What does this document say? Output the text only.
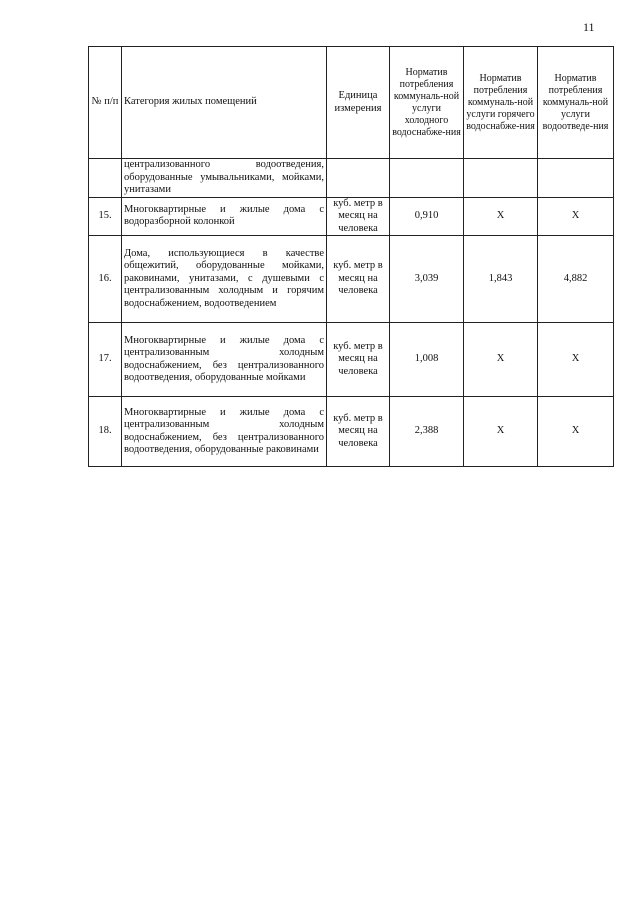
11
№ п/п	Категория жилых помещений	Единица измерения	Норматив потребления коммуналь-ной услуги холодного водоснабже-ния	Норматив потребления коммуналь-ной услуги горячего водоснабже-ния	Норматив потребления коммуналь-ной услуги водоотведе-ния
	централизованного водоотведения, оборудованные умывальниками, мойками, унитазами				
15.	Многоквартирные и жилые дома с водоразборной колонкой	куб. метр в месяц на человека	0,910	X	X
16.	Дома, использующиеся в качестве общежитий, оборудованные мойками, раковинами, унитазами, с душевыми с централизованным холодным и горячим водоснабжением, водоотведением	куб. метр в месяц на человека	3,039	1,843	4,882
17.	Многоквартирные и жилые дома с централизованным холодным водоснабжением, без централизованного водоотведения, оборудованные мойками	куб. метр в месяц на человека	1,008	X	X
18.	Многоквартирные и жилые дома с централизованным холодным водоснабжением, без централизованного водоотведения, оборудованные раковинами	куб. метр в месяц на человека	2,388	X	X
